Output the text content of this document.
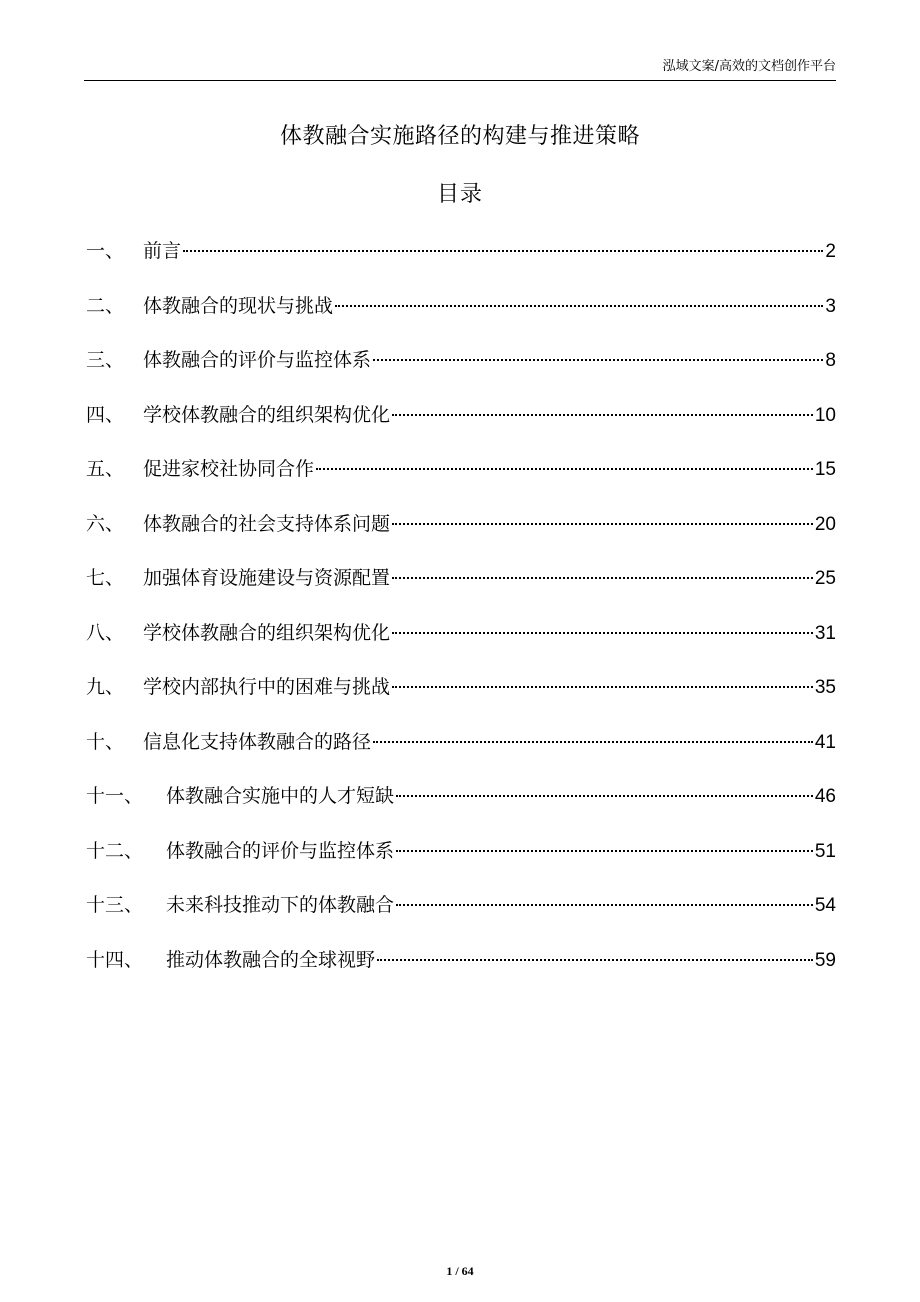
泓域文案/高效的文档创作平台
体教融合实施路径的构建与推进策略
目录
一、 前言	2
二、 体教融合的现状与挑战	3
三、 体教融合的评价与监控体系	8
四、 学校体教融合的组织架构优化	10
五、 促进家校社协同合作	15
六、 体教融合的社会支持体系问题	20
七、 加强体育设施建设与资源配置	25
八、 学校体教融合的组织架构优化	31
九、 学校内部执行中的困难与挑战	35
十、 信息化支持体教融合的路径	41
十一、	体教融合实施中的人才短缺	46
十二、	体教融合的评价与监控体系	51
十三、	未来科技推动下的体教融合	54
十四、	推动体教融合的全球视野	59
1 / 64
